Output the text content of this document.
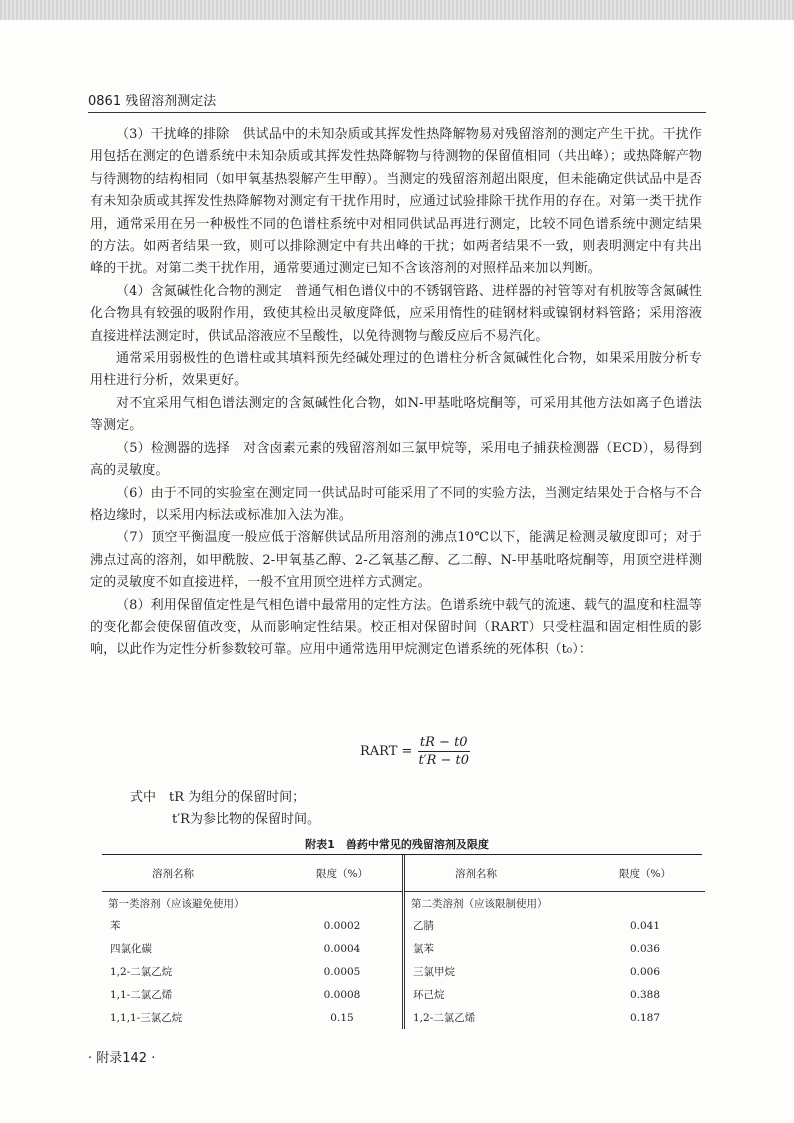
0861 残留溶剂测定法

（3）干扰峰的排除　供试品中的未知杂质或其挥发性热降解物易对残留溶剂的测定产生干扰。干扰作用包括在测定的色谱系统中未知杂质或其挥发性热降解物与待测物的保留值相同（共出峰）；或热降解产物与待测物的结构相同（如甲氧基热裂解产生甲醇）。当测定的残留溶剂超出限度，但未能确定供试品中是否有未知杂质或其挥发性热降解物对测定有干扰作用时，应通过试验排除干扰作用的存在。对第一类干扰作用，通常采用在另一种极性不同的色谱柱系统中对相同供试品再进行测定，比较不同色谱系统中测定结果的方法。如两者结果一致，则可以排除测定中有共出峰的干扰；如两者结果不一致，则表明测定中有共出峰的干扰。对第二类干扰作用，通常要通过测定已知不含该溶剂的对照样品来加以判断。

（4）含氮碱性化合物的测定　普通气相色谱仪中的不锈钢管路、进样器的衬管等对有机胺等含氮碱性化合物具有较强的吸附作用，致使其检出灵敏度降低，应采用惰性的硅钢材料或镍钢材料管路；采用溶液直接进样法测定时，供试品溶液应不呈酸性，以免待测物与酸反应后不易汽化。

通常采用弱极性的色谱柱或其填料预先经碱处理过的色谱柱分析含氮碱性化合物，如果采用胺分析专用柱进行分析，效果更好。

对不宜采用气相色谱法测定的含氮碱性化合物，如N-甲基吡咯烷酮等，可采用其他方法如离子色谱法等测定。

（5）检测器的选择　对含卤素元素的残留溶剂如三氯甲烷等，采用电子捕获检测器（ECD），易得到高的灵敏度。

（6）由于不同的实验室在测定同一供试品时可能采用了不同的实验方法，当测定结果处于合格与不合格边缘时，以采用内标法或标准加入法为准。

（7）顶空平衡温度一般应低于溶解供试品所用溶剂的沸点10℃以下，能满足检测灵敏度即可；对于沸点过高的溶剂，如甲酰胺、2-甲氧基乙醇、2-乙氧基乙醇、乙二醇、N-甲基吡咯烷酮等，用顶空进样测定的灵敏度不如直接进样，一般不宜用顶空进样方式测定。

（8）利用保留值定性是气相色谱中最常用的定性方法。色谱系统中载气的流速、载气的温度和柱温等的变化都会使保留值改变，从而影响定性结果。校正相对保留时间（RART）只受柱温和固定相性质的影响，以此作为定性分析参数较可靠。应用中通常选用甲烷测定色谱系统的死体积（t₀）：

RART = $\frac{tR - t0}{t'R - t0}$
式中　tR 为组分的保留时间；
t′R为参比物的保留时间。
附表1　兽药中常见的残留溶剂及限度
溶剂名称	限度（%）
第一类溶剂（应该避免使用）
苯	0.0002
四氯化碳	0.0004
1,2-二氯乙烷	0.0005
1,1-二氯乙烯	0.0008
1,1,1-三氯乙烷	0.15
溶剂名称	限度（%）
第二类溶剂（应该限制使用）
乙腈	0.041
氯苯	0.036
三氯甲烷	0.006
环己烷	0.388
1,2-二氯乙烯	0.187
· 附录142 ·
